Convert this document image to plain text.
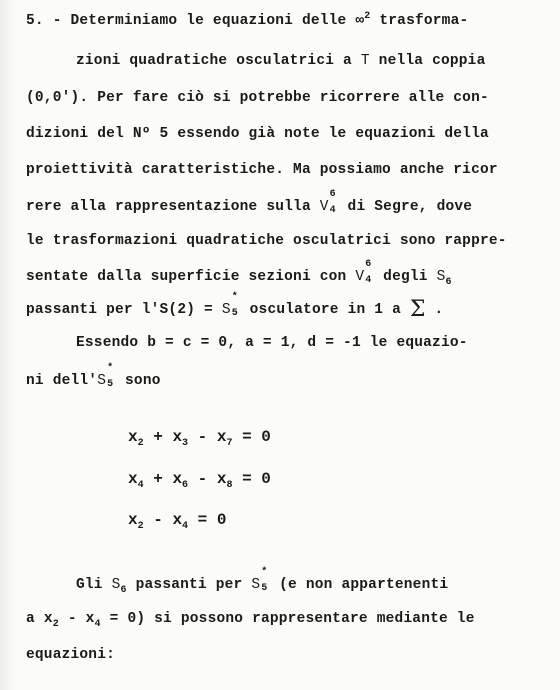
5. - Determiniamo le equazioni delle ∞$^2$ trasforma-
zioni quadratiche osculatrici a T nella coppia
(0,0'). Per fare ciò si potrebbe ricorrere alle con-
dizioni del Nº 5 essendo già note le equazioni della
proiettività caratteristiche. Ma possiamo anche ricor
rere alla rappresentazione sulla V
6
4 di Segre, dove
le trasformazioni quadratiche osculatrici sono rappre-
sentate dalla superficie sezioni con V
6
4 degli $S_6$
passanti per l'S(2) = S
*
5 osculatore in 1 a Σ .
Essendo b = c = 0, a = 1, d = -1 le equazio-
ni dell'S
*
5 sono
$x_2 + x_3 - x_7 = 0$
$x_4 + x_6 - x_8 = 0$
$x_2 - x_4 = 0$
Gli $S_6$ passanti per S
*
5 (e non appartenenti
a $x_2 - x_4 = 0$) si possono rappresentare mediante le
equazioni:
